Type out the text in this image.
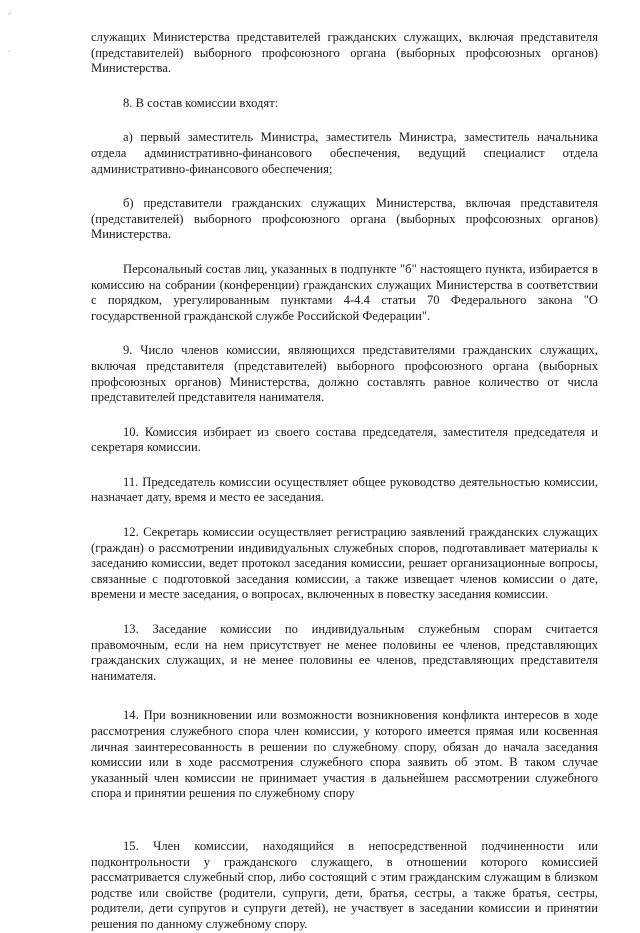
ᐟ
.

служащих Министерства представителей гражданских служащих, включая представителя (представителей) выборного профсоюзного органа (выборных профсоюзных органов) Министерства.

8. В состав комиссии входят:

а) первый заместитель Министра, заместитель Министра, заместитель начальника отдела административно-финансового обеспечения, ведущий специалист отдела административно-финансового обеспечения;

б) представители гражданских служащих Министерства, включая представителя (представителей) выборного профсоюзного органа (выборных профсоюзных органов) Министерства.

Персональный состав лиц, указанных в подпункте "б" настоящего пункта, избирается в комиссию на собрании (конференции) гражданских служащих Министерства в соответствии с порядком, урегулированным пунктами 4-4.4 статьи 70 Федерального закона "О государственной гражданской службе Российской Федерации".

9. Число членов комиссии, являющихся представителями гражданских служащих, включая представителя (представителей) выборного профсоюзного органа (выборных профсоюзных органов) Министерства, должно составлять равное количество от числа представителей представителя нанимателя.

10. Комиссия избирает из своего состава председателя, заместителя председателя и секретаря комиссии.

11. Председатель комиссии осуществляет общее руководство деятельностью комиссии, назначает дату, время и место ее заседания.

12. Секретарь комиссии осуществляет регистрацию заявлений гражданских служащих (граждан) о рассмотрении индивидуальных служебных споров, подготавливает материалы к заседанию комиссии, ведет протокол заседания комиссии, решает организационные вопросы, связанные с подготовкой заседания комиссии, а также извещает членов комиссии о дате, времени и месте заседания, о вопросах, включенных в повестку заседания комиссии.

13. Заседание комиссии по индивидуальным служебным спорам считается правомочным, если на нем присутствует не менее половины ее членов, представляющих гражданских служащих, и не менее половины ее членов, представляющих представителя нанимателя.

14. При возникновении или возможности возникновения конфликта интересов в ходе рассмотрения служебного спора член комиссии, у которого имеется прямая или косвенная личная заинтересованность в решении по служебному спору, обязан до начала заседания комиссии или в ходе рассмотрения служебного спора заявить об этом. В таком случае указанный член комиссии не принимает участия в дальнейшем рассмотрении служебного спора и принятии решения по служебному спору

15. Член комиссии, находящийся в непосредственной подчиненности или подконтрольности у гражданского служащего, в отношении которого комиссией рассматривается служебный спор, либо состоящий с этим гражданским служащим в близком родстве или свойстве (родители, супруги, дети, братья, сестры, а также братья, сестры, родители, дети супругов и супруги детей), не участвует в заседании комиссии и принятии решения по данному служебному спору.
